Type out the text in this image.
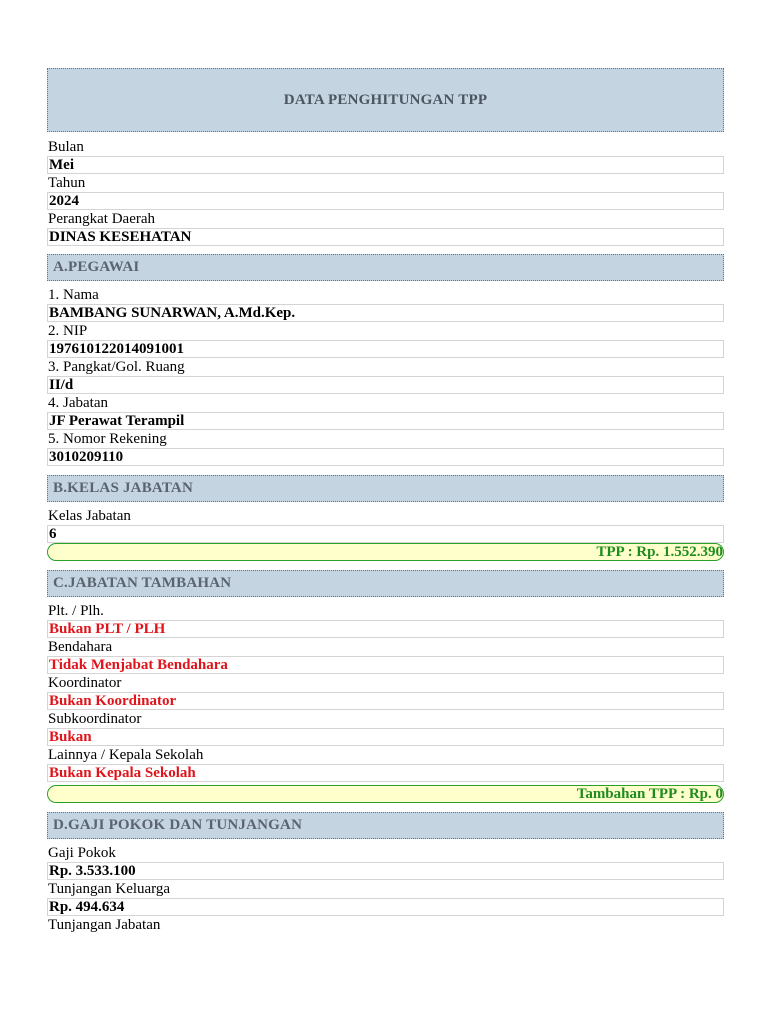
DATA PENGHITUNGAN TPP
Bulan
Mei
Tahun
2024
Perangkat Daerah
DINAS KESEHATAN
A.PEGAWAI
1. Nama
BAMBANG SUNARWAN, A.Md.Kep.
2. NIP
197610122014091001
3. Pangkat/Gol. Ruang
II/d
4. Jabatan
JF Perawat Terampil
5. Nomor Rekening
3010209110
B.KELAS JABATAN
Kelas Jabatan
6
TPP : Rp. 1.552.390
C.JABATAN TAMBAHAN
Plt. / Plh.
Bukan PLT / PLH
Bendahara
Tidak Menjabat Bendahara
Koordinator
Bukan Koordinator
Subkoordinator
Bukan
Lainnya / Kepala Sekolah
Bukan Kepala Sekolah
Tambahan TPP : Rp. 0
D.GAJI POKOK DAN TUNJANGAN
Gaji Pokok
Rp. 3.533.100
Tunjangan Keluarga
Rp. 494.634
Tunjangan Jabatan
